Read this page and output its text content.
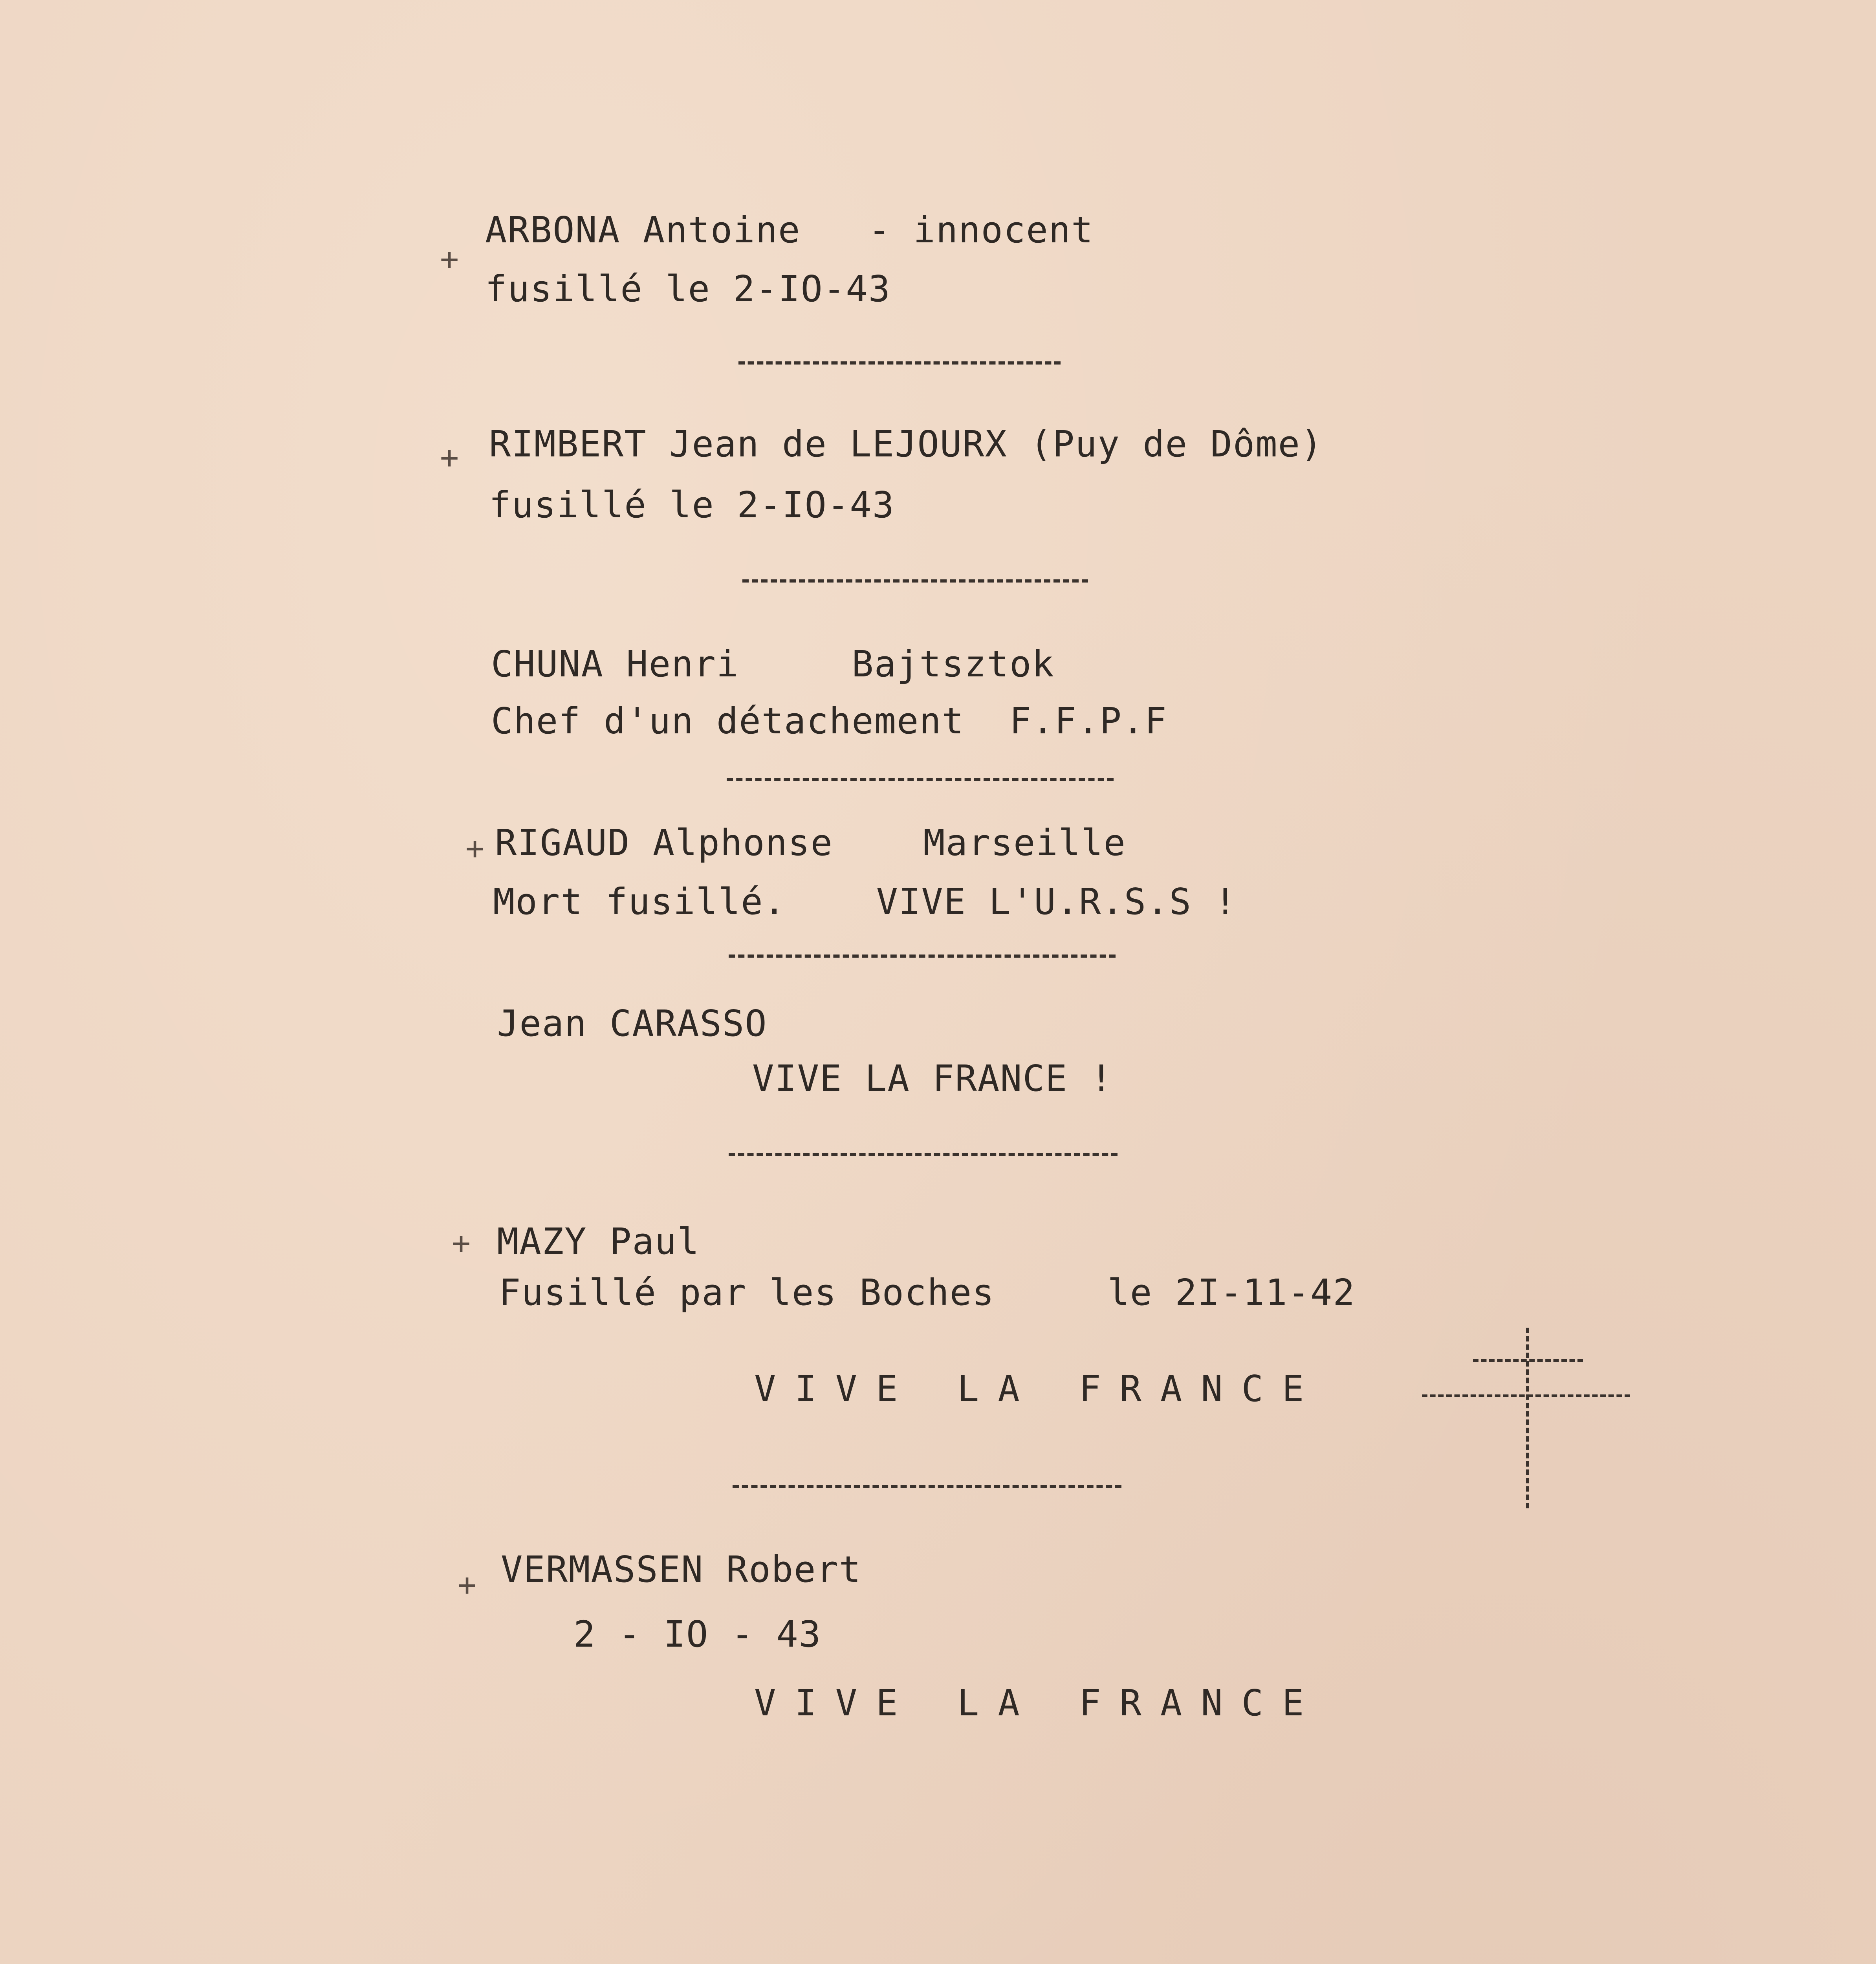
+

ARBONA Antoine   - innocent

fusillé le 2-IO-43

+ RIMBERT Jean de LEJOURX (Puy de Dôme)

fusillé le 2-IO-43

CHUNA Henri     Bajtsztok

Chef d'un détachement  F.F.P.F

+ RIGAUD Alphonse    Marseille

Mort fusillé.    VIVE L'U.R.S.S !

Jean CARASSO

VIVE LA FRANCE !

+ MAZY Paul

Fusillé par les Boches     le 2I-11-42

VIVE LA FRANCE

+ VERMASSEN Robert

2 - IO - 43

VIVE LA FRANCE
